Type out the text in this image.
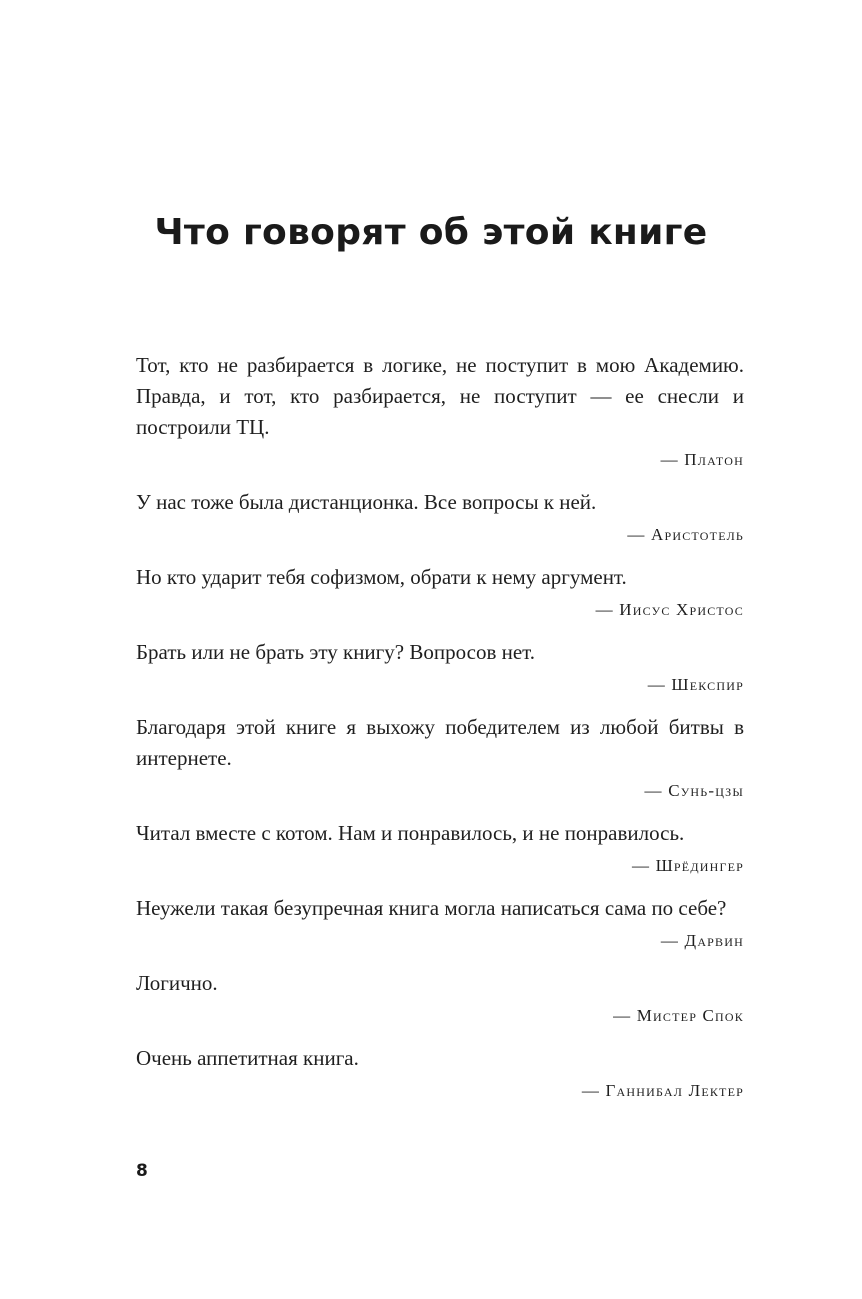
Что говорят об этой книге

Тот, кто не разбирается в логике, не поступит в мою Академию. Правда, и тот, кто разбирается, не поступит — ее снесли и построили ТЦ.

— Платон

У нас тоже была дистанционка. Все вопросы к ней.

— Аристотель

Но кто ударит тебя софизмом, обрати к нему аргумент.

— Иисус Христос

Брать или не брать эту книгу? Вопросов нет.

— Шекспир

Благодаря этой книге я выхожу победителем из любой битвы в интернете.

— Сунь-цзы

Читал вместе с котом. Нам и понравилось, и не понравилось.

— Шрёдингер

Неужели такая безупречная книга могла написаться сама по себе?

— Дарвин

Логично.

— Мистер Спок

Очень аппетитная книга.

— Ганнибал Лектер

8
